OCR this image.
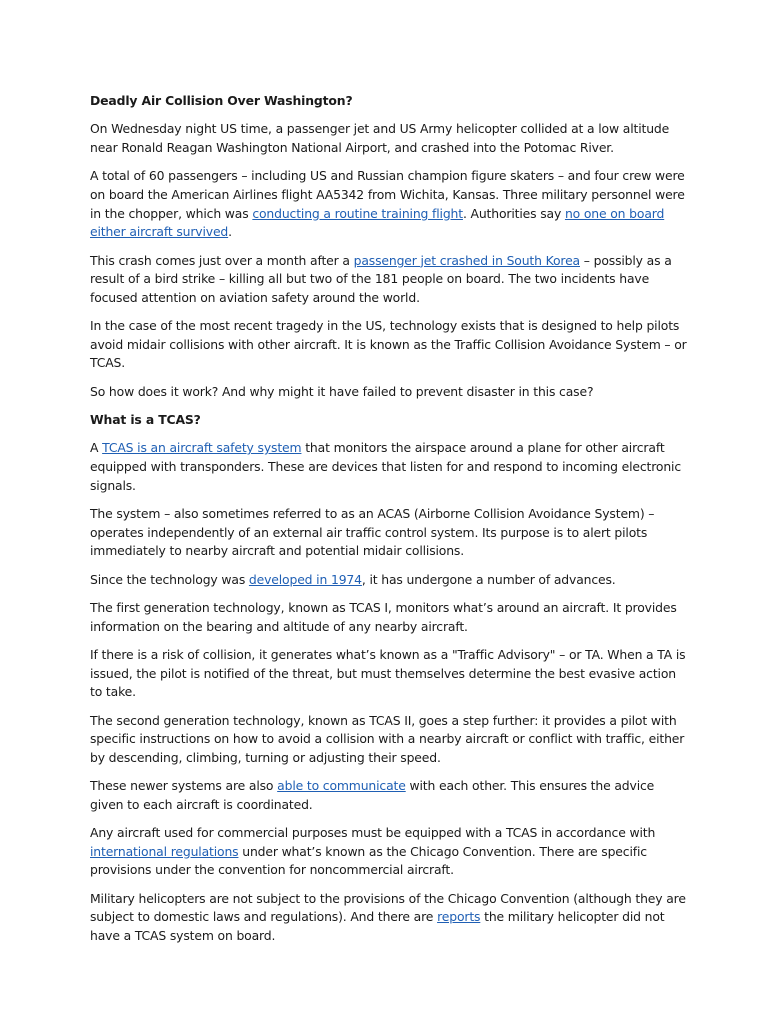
Deadly Air Collision Over Washington?

On Wednesday night US time, a passenger jet and US Army helicopter collided at a low altitude near Ronald Reagan Washington National Airport, and crashed into the Potomac River.

A total of 60 passengers – including US and Russian champion figure skaters – and four crew were on board the American Airlines flight AA5342 from Wichita, Kansas. Three military personnel were in the chopper, which was conducting a routine training flight. Authorities say no one on board either aircraft survived.

This crash comes just over a month after a passenger jet crashed in South Korea – possibly as a result of a bird strike – killing all but two of the 181 people on board. The two incidents have focused attention on aviation safety around the world.

In the case of the most recent tragedy in the US, technology exists that is designed to help pilots avoid midair collisions with other aircraft. It is known as the Traffic Collision Avoidance System – or TCAS.

So how does it work? And why might it have failed to prevent disaster in this case?

What is a TCAS?

A TCAS is an aircraft safety system that monitors the airspace around a plane for other aircraft equipped with transponders. These are devices that listen for and respond to incoming electronic signals.

The system – also sometimes referred to as an ACAS (Airborne Collision Avoidance System) – operates independently of an external air traffic control system. Its purpose is to alert pilots immediately to nearby aircraft and potential midair collisions.

Since the technology was developed in 1974, it has undergone a number of advances.

The first generation technology, known as TCAS I, monitors what’s around an aircraft. It provides information on the bearing and altitude of any nearby aircraft.

If there is a risk of collision, it generates what’s known as a "Traffic Advisory" – or TA. When a TA is issued, the pilot is notified of the threat, but must themselves determine the best evasive action to take.

The second generation technology, known as TCAS II, goes a step further: it provides a pilot with specific instructions on how to avoid a collision with a nearby aircraft or conflict with traffic, either by descending, climbing, turning or adjusting their speed.

These newer systems are also able to communicate with each other. This ensures the advice given to each aircraft is coordinated.

Any aircraft used for commercial purposes must be equipped with a TCAS in accordance with international regulations under what’s known as the Chicago Convention. There are specific provisions under the convention for noncommercial aircraft.

Military helicopters are not subject to the provisions of the Chicago Convention (although they are subject to domestic laws and regulations). And there are reports the military helicopter did not have a TCAS system on board.
